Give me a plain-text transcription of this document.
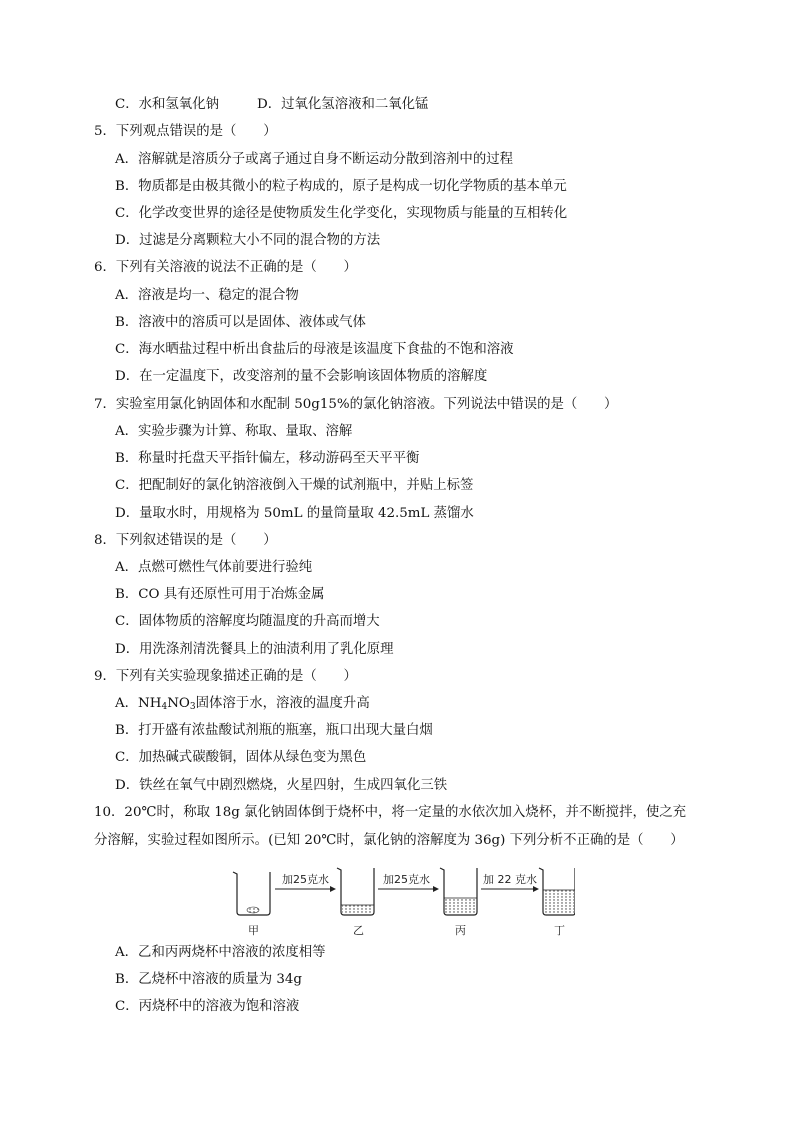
C．水和氢氧化钠	D．过氧化氢溶液和二氧化锰
5．下列观点错误的是（　　）
A．溶解就是溶质分子或离子通过自身不断运动分散到溶剂中的过程
B．物质都是由极其微小的粒子构成的，原子是构成一切化学物质的基本单元
C．化学改变世界的途径是使物质发生化学变化，实现物质与能量的互相转化
D．过滤是分离颗粒大小不同的混合物的方法
6．下列有关溶液的说法不正确的是（　　）
A．溶液是均一、稳定的混合物
B．溶液中的溶质可以是固体、液体或气体
C．海水晒盐过程中析出食盐后的母液是该温度下食盐的不饱和溶液
D．在一定温度下，改变溶剂的量不会影响该固体物质的溶解度
7．实验室用氯化钠固体和水配制 50g15%的氯化钠溶液。下列说法中错误的是（　　）
A．实验步骤为计算、称取、量取、溶解
B．称量时托盘天平指针偏左，移动游码至天平平衡
C．把配制好的氯化钠溶液倒入干燥的试剂瓶中，并贴上标签
D．量取水时，用规格为 50mL 的量筒量取 42.5mL 蒸馏水
8．下列叙述错误的是（　　）
A．点燃可燃性气体前要进行验纯
B．CO 具有还原性可用于冶炼金属
C．固体物质的溶解度均随温度的升高而增大
D．用洗涤剂清洗餐具上的油渍利用了乳化原理
9．下列有关实验现象描述正确的是（　　）
A．$NH_4NO_3$固体溶于水，溶液的温度升高
B．打开盛有浓盐酸试剂瓶的瓶塞，瓶口出现大量白烟
C．加热碱式碳酸铜，固体从绿色变为黑色
D．铁丝在氧气中剧烈燃烧，火星四射，生成四氧化三铁
10．20℃时，称取 18g 氯化钠固体倒于烧杯中，将一定量的水依次加入烧杯，并不断搅拌，使之充
分溶解，实验过程如图所示。(已知 20℃时，氯化钠的溶解度为 36g) 下列分析不正确的是（　　）
加25克水	加25克水	加 22 克水
甲	乙	丙	丁
A．乙和丙两烧杯中溶液的浓度相等
B．乙烧杯中溶液的质量为 34g
C．丙烧杯中的溶液为饱和溶液
